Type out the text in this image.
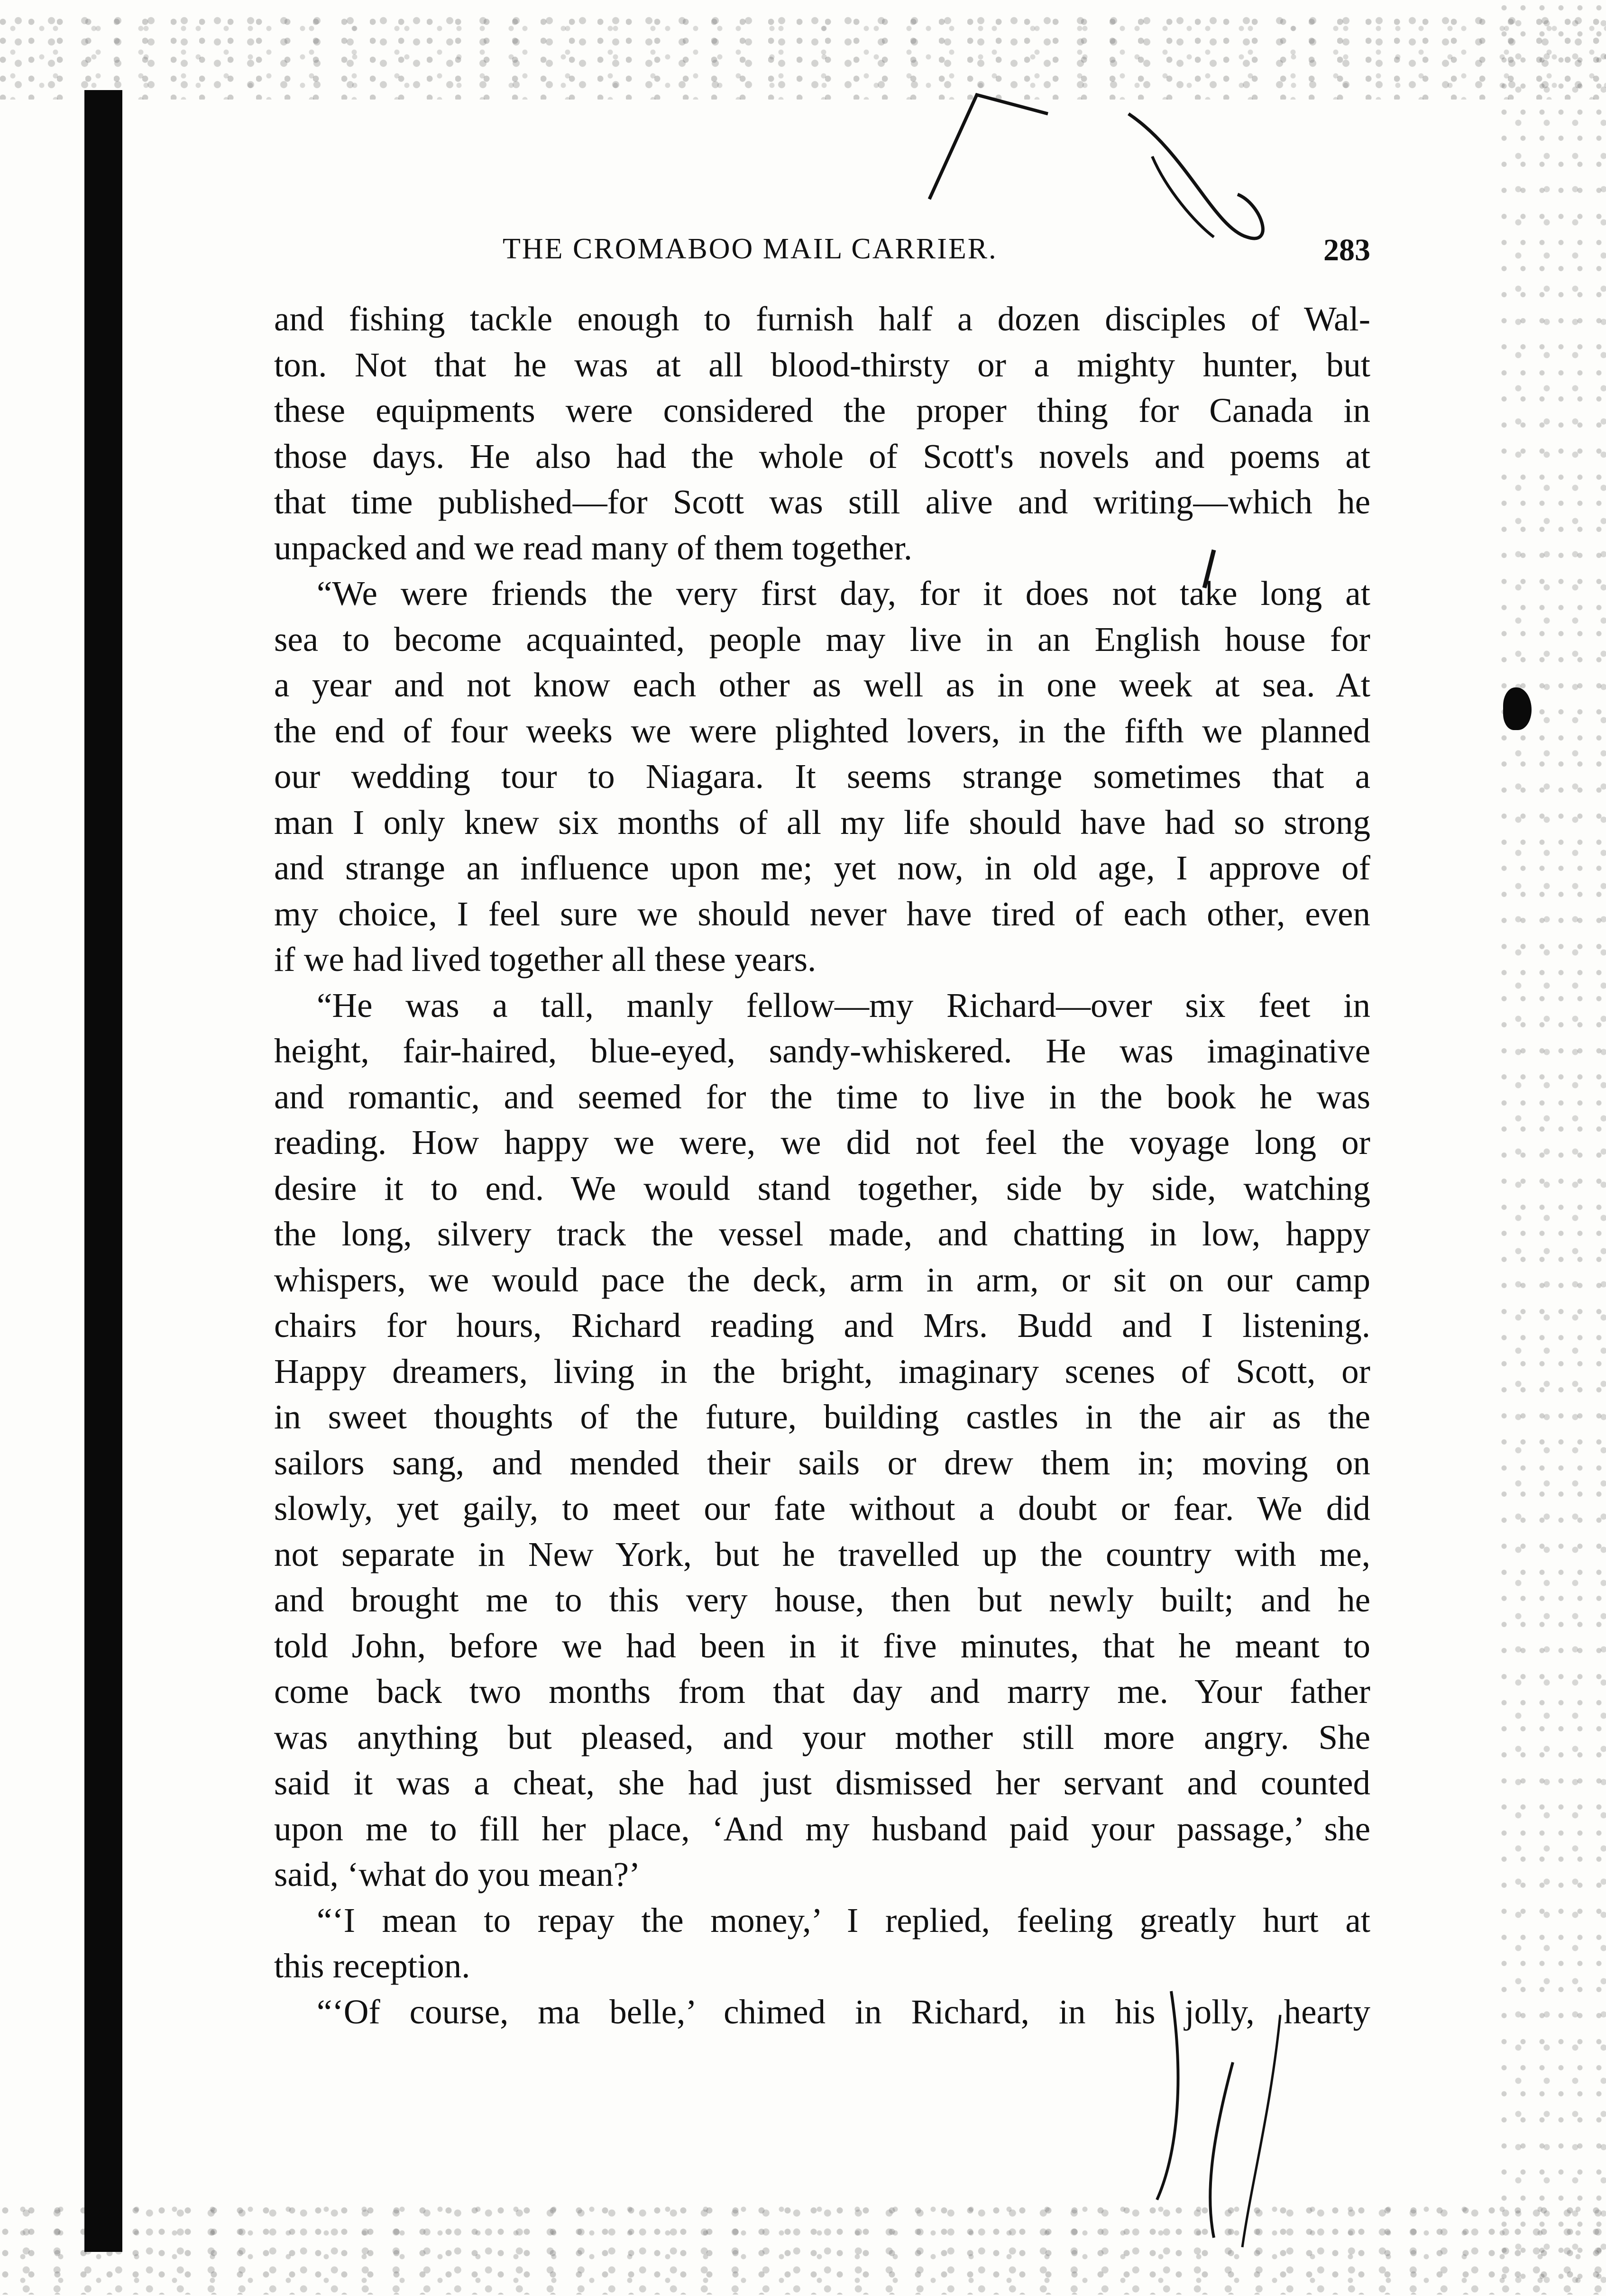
THE CROMABOO MAIL CARRIER.	283
and fishing tackle enough to furnish half a dozen disciples of Wal-
ton. Not that he was at all blood-thirsty or a mighty hunter, but
these equipments were considered the proper thing for Canada in
those days. He also had the whole of Scott's novels and poems at
that time published—for Scott was still alive and writing—which he
unpacked and we read many of them together.
“We were friends the very first day, for it does not take long at
sea to become acquainted, people may live in an English house for
a year and not know each other as well as in one week at sea. At
the end of four weeks we were plighted lovers, in the fifth we planned
our wedding tour to Niagara. It seems strange sometimes that a
man I only knew six months of all my life should have had so strong
and strange an influence upon me; yet now, in old age, I approve of
my choice, I feel sure we should never have tired of each other, even
if we had lived together all these years.
“He was a tall, manly fellow—my Richard—over six feet in
height, fair-haired, blue-eyed, sandy-whiskered. He was imaginative
and romantic, and seemed for the time to live in the book he was
reading. How happy we were, we did not feel the voyage long or
desire it to end. We would stand together, side by side, watching
the long, silvery track the vessel made, and chatting in low, happy
whispers, we would pace the deck, arm in arm, or sit on our camp
chairs for hours, Richard reading and Mrs. Budd and I listening.
Happy dreamers, living in the bright, imaginary scenes of Scott, or
in sweet thoughts of the future, building castles in the air as the
sailors sang, and mended their sails or drew them in; moving on
slowly, yet gaily, to meet our fate without a doubt or fear. We did
not separate in New York, but he travelled up the country with me,
and brought me to this very house, then but newly built; and he
told John, before we had been in it five minutes, that he meant to
come back two months from that day and marry me. Your father
was anything but pleased, and your mother still more angry. She
said it was a cheat, she had just dismissed her servant and counted
upon me to fill her place, ‘And my husband paid your passage,’ she
said, ‘what do you mean?’
“‘I mean to repay the money,’ I replied, feeling greatly hurt at
this reception.
“‘Of course, ma belle,’ chimed in Richard, in his jolly, hearty
